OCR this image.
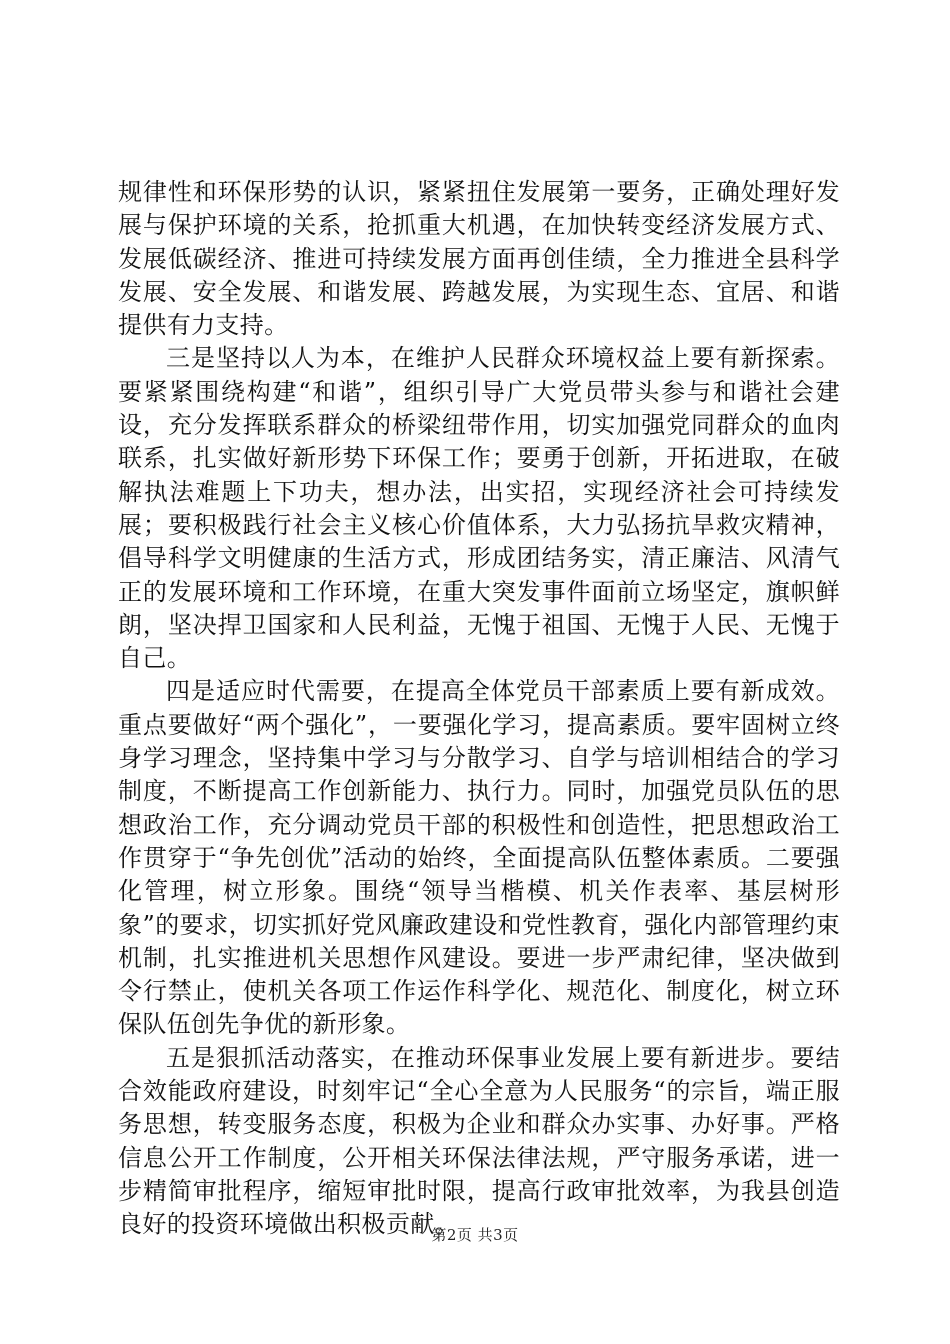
规律性和环保形势的认识，紧紧扭住发展第一要务，正确处理好发展与保护环境的关系，抢抓重大机遇，在加快转变经济发展方式、发展低碳经济、推进可持续发展方面再创佳绩，全力推进全县科学发展、安全发展、和谐发展、跨越发展，为实现生态、宜居、和谐提供有力支持。

三是坚持以人为本，在维护人民群众环境权益上要有新探索。要紧紧围绕构建“和谐”，组织引导广大党员带头参与和谐社会建设，充分发挥联系群众的桥梁纽带作用，切实加强党同群众的血肉联系，扎实做好新形势下环保工作；要勇于创新，开拓进取，在破解执法难题上下功夫，想办法，出实招，实现经济社会可持续发展；要积极践行社会主义核心价值体系，大力弘扬抗旱救灾精神，倡导科学文明健康的生活方式，形成团结务实，清正廉洁、风清气正的发展环境和工作环境，在重大突发事件面前立场坚定，旗帜鲜朗，坚决捍卫国家和人民利益，无愧于祖国、无愧于人民、无愧于自己。

四是适应时代需要，在提高全体党员干部素质上要有新成效。重点要做好“两个强化”，一要强化学习，提高素质。要牢固树立终身学习理念，坚持集中学习与分散学习、自学与培训相结合的学习制度，不断提高工作创新能力、执行力。同时，加强党员队伍的思想政治工作，充分调动党员干部的积极性和创造性，把思想政治工作贯穿于“争先创优”活动的始终，全面提高队伍整体素质。二要强化管理，树立形象。围绕“领导当楷模、机关作表率、基层树形象”的要求，切实抓好党风廉政建设和党性教育，强化内部管理约束机制，扎实推进机关思想作风建设。要进一步严肃纪律，坚决做到令行禁止，使机关各项工作运作科学化、规范化、制度化，树立环保队伍创先争优的新形象。

五是狠抓活动落实，在推动环保事业发展上要有新进步。要结合效能政府建设，时刻牢记“全心全意为人民服务“的宗旨，端正服务思想，转变服务态度，积极为企业和群众办实事、办好事。严格信息公开工作制度，公开相关环保法律法规，严守服务承诺，进一步精简审批程序，缩短审批时限，提高行政审批效率，为我县创造良好的投资环境做出积极贡献。

第2页 共3页
